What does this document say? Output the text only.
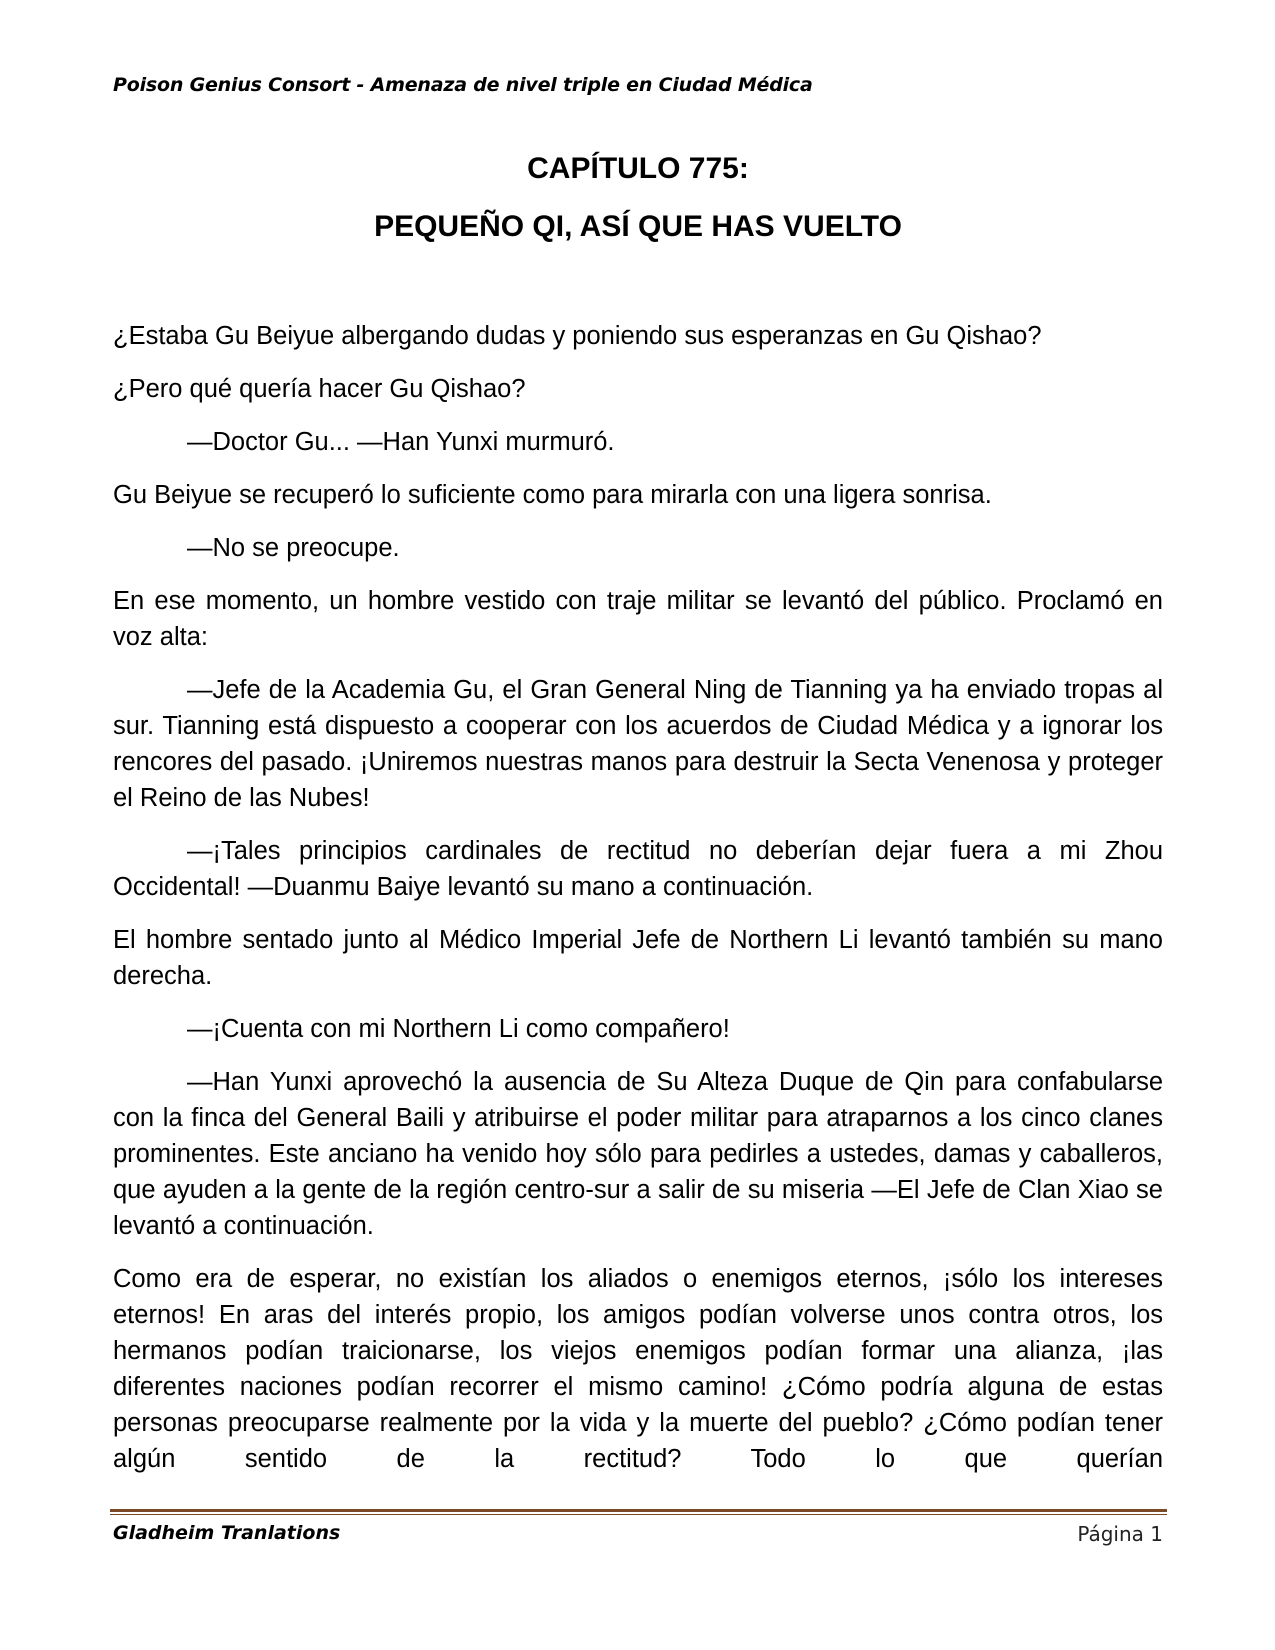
Poison Genius Consort - Amenaza de nivel triple en Ciudad Médica
CAPÍTULO 775:
PEQUEÑO QI, ASÍ QUE HAS VUELTO

¿Estaba Gu Beiyue albergando dudas y poniendo sus esperanzas en Gu Qishao?

¿Pero qué quería hacer Gu Qishao?

—Doctor Gu... —Han Yunxi murmuró.

Gu Beiyue se recuperó lo suficiente como para mirarla con una ligera sonrisa.

—No se preocupe.

En ese momento, un hombre vestido con traje militar se levantó del público. Proclamó en voz alta:

—Jefe de la Academia Gu, el Gran General Ning de Tianning ya ha enviado tropas al sur. Tianning está dispuesto a cooperar con los acuerdos de Ciudad Médica y a ignorar los rencores del pasado. ¡Uniremos nuestras manos para destruir la Secta Venenosa y proteger el Reino de las Nubes!

—¡Tales principios cardinales de rectitud no deberían dejar fuera a mi Zhou Occidental! —Duanmu Baiye levantó su mano a continuación.

El hombre sentado junto al Médico Imperial Jefe de Northern Li levantó también su mano derecha.

—¡Cuenta con mi Northern Li como compañero!

—Han Yunxi aprovechó la ausencia de Su Alteza Duque de Qin para confabularse con la finca del General Baili y atribuirse el poder militar para atraparnos a los cinco clanes prominentes. Este anciano ha venido hoy sólo para pedirles a ustedes, damas y caballeros, que ayuden a la gente de la región centro-sur a salir de su miseria —El Jefe de Clan Xiao se levantó a continuación.

Como era de esperar, no existían los aliados o enemigos eternos, ¡sólo los intereses eternos! En aras del interés propio, los amigos podían volverse unos contra otros, los hermanos podían traicionarse, los viejos enemigos podían formar una alianza, ¡las diferentes naciones podían recorrer el mismo camino! ¿Cómo podría alguna de estas personas preocuparse realmente por la vida y la muerte del pueblo? ¿Cómo podían tener algún sentido de la rectitud? Todo lo que querían

Gladheim Tranlations	Página 1
